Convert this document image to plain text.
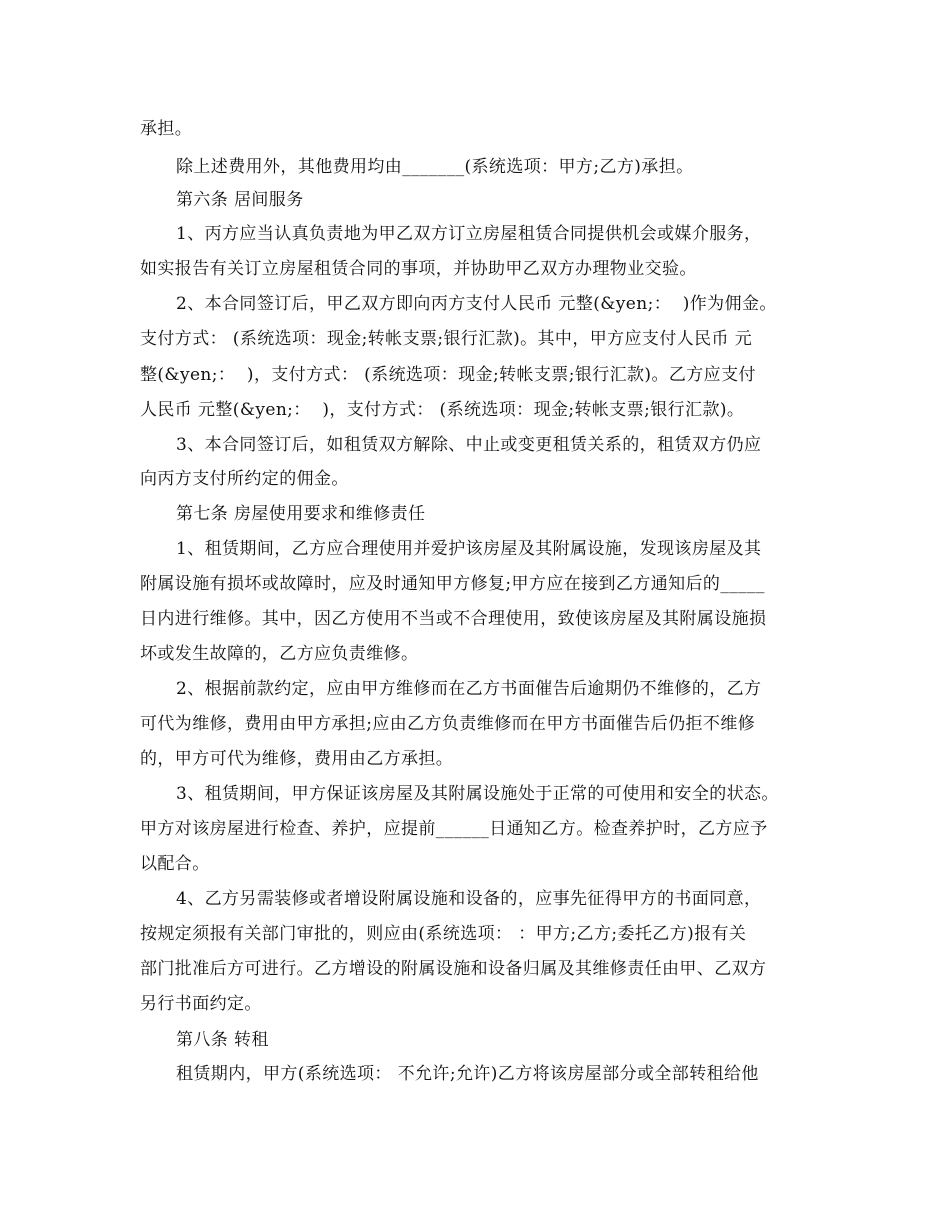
承担。
除上述费用外，其他费用均由_______(系统选项：甲方;乙方)承担。
第六条 居间服务
1、丙方应当认真负责地为甲乙双方订立房屋租赁合同提供机会或媒介服务，
如实报告有关订立房屋租赁合同的事项，并协助甲乙双方办理物业交验。
2、本合同签订后，甲乙双方即向丙方支付人民币 元整(&yen;：  )作为佣金。
支付方式： (系统选项：现金;转帐支票;银行汇款)。其中，甲方应支付人民币 元
整(&yen;：  )，支付方式： (系统选项：现金;转帐支票;银行汇款)。乙方应支付
人民币 元整(&yen;：  )，支付方式： (系统选项：现金;转帐支票;银行汇款)。
3、本合同签订后，如租赁双方解除、中止或变更租赁关系的，租赁双方仍应
向丙方支付所约定的佣金。
第七条 房屋使用要求和维修责任
1、租赁期间，乙方应合理使用并爱护该房屋及其附属设施，发现该房屋及其
附属设施有损坏或故障时，应及时通知甲方修复;甲方应在接到乙方通知后的_____
日内进行维修。其中，因乙方使用不当或不合理使用，致使该房屋及其附属设施损
坏或发生故障的，乙方应负责维修。
2、根据前款约定，应由甲方维修而在乙方书面催告后逾期仍不维修的，乙方
可代为维修，费用由甲方承担;应由乙方负责维修而在甲方书面催告后仍拒不维修
的，甲方可代为维修，费用由乙方承担。
3、租赁期间，甲方保证该房屋及其附属设施处于正常的可使用和安全的状态。
甲方对该房屋进行检查、养护，应提前______日通知乙方。检查养护时，乙方应予
以配合。
4、乙方另需装修或者增设附属设施和设备的，应事先征得甲方的书面同意，
按规定须报有关部门审批的，则应由(系统选项： ：甲方;乙方;委托乙方)报有关
部门批准后方可进行。乙方增设的附属设施和设备归属及其维修责任由甲、乙双方
另行书面约定。
第八条 转租
租赁期内，甲方(系统选项： 不允许;允许)乙方将该房屋部分或全部转租给他
